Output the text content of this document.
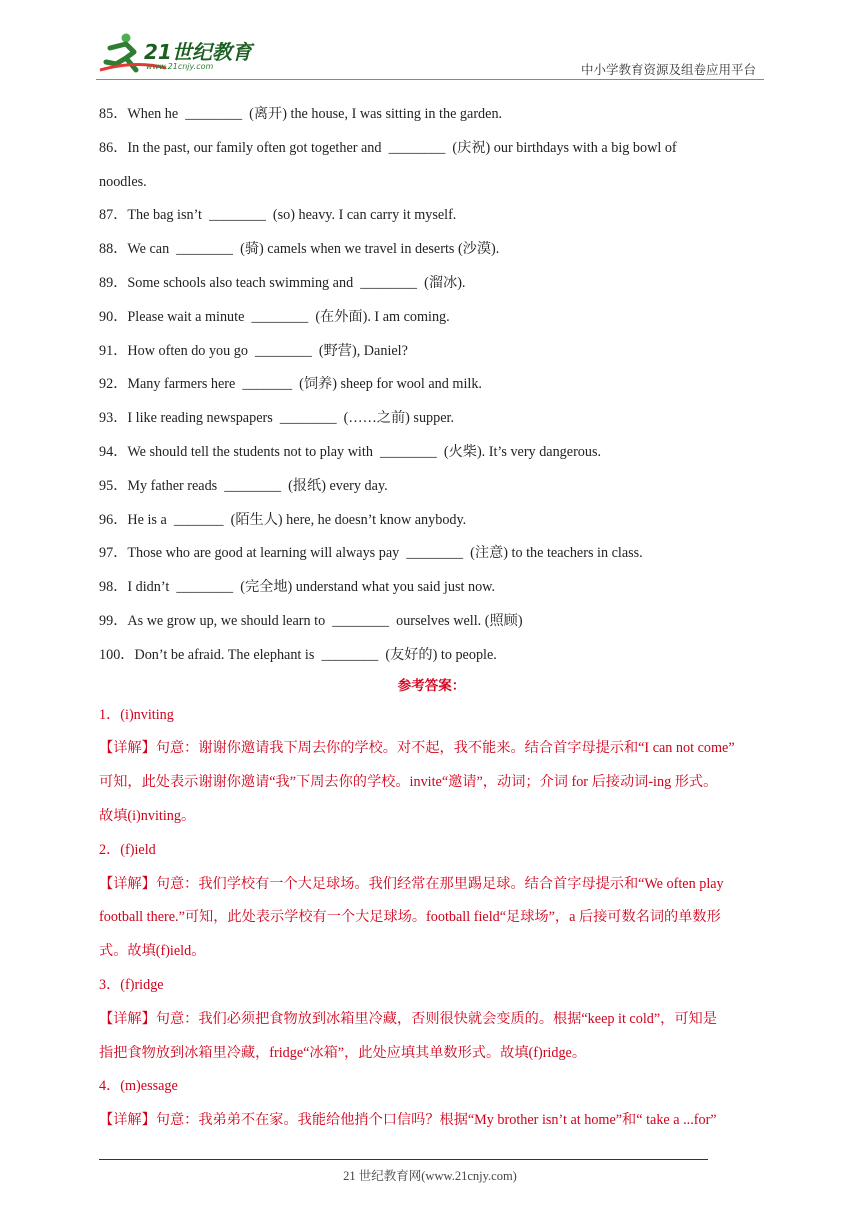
21世纪教育
www.21cnjy.com	中小学教育资源及组卷应用平台

85．When he  ________  (离开) the house, I was sitting in the garden.

86．In the past, our family often got together and  ________  (庆祝) our birthdays with a big bowl of

noodles.

87．The bag isn’t  ________  (so) heavy. I can carry it myself.

88．We can  ________  (骑) camels when we travel in deserts (沙漠).

89．Some schools also teach swimming and  ________  (溜冰).

90．Please wait a minute  ________  (在外面). I am coming.

91．How often do you go  ________  (野营), Daniel?

92．Many farmers here  _______  (饲养) sheep for wool and milk.

93．I like reading newspapers  ________  (……之前) supper.

94．We should tell the students not to play with  ________  (火柴). It’s very dangerous.

95．My father reads  ________  (报纸) every day.

96．He is a  _______  (陌生人) here, he doesn’t know anybody.

97．Those who are good at learning will always pay  ________  (注意) to the teachers in class.

98．I didn’t  ________  (完全地) understand what you said just now.

99．As we grow up, we should learn to  ________  ourselves well. (照顾)

100．Don’t be afraid. The elephant is  ________  (友好的) to people.

参考答案：

1．(i)nviting

【详解】句意：谢谢你邀请我下周去你的学校。对不起，我不能来。结合首字母提示和“I can not come”

可知，此处表示谢谢你邀请“我”下周去你的学校。invite“邀请”，动词；介词 for 后接动词-ing 形式。

故填(i)nviting。

2．(f)ield

【详解】句意：我们学校有一个大足球场。我们经常在那里踢足球。结合首字母提示和“We often play

football there.”可知，此处表示学校有一个大足球场。football field“足球场”，a 后接可数名词的单数形

式。故填(f)ield。

3．(f)ridge

【详解】句意：我们必须把食物放到冰箱里冷藏，否则很快就会变质的。根据“keep it cold”，可知是

指把食物放到冰箱里冷藏，fridge“冰箱”，此处应填其单数形式。故填(f)ridge。

4．(m)essage

【详解】句意：我弟弟不在家。我能给他捎个口信吗？根据“My brother isn’t at home”和“ take a ...for”

21 世纪教育网(www.21cnjy.com)
